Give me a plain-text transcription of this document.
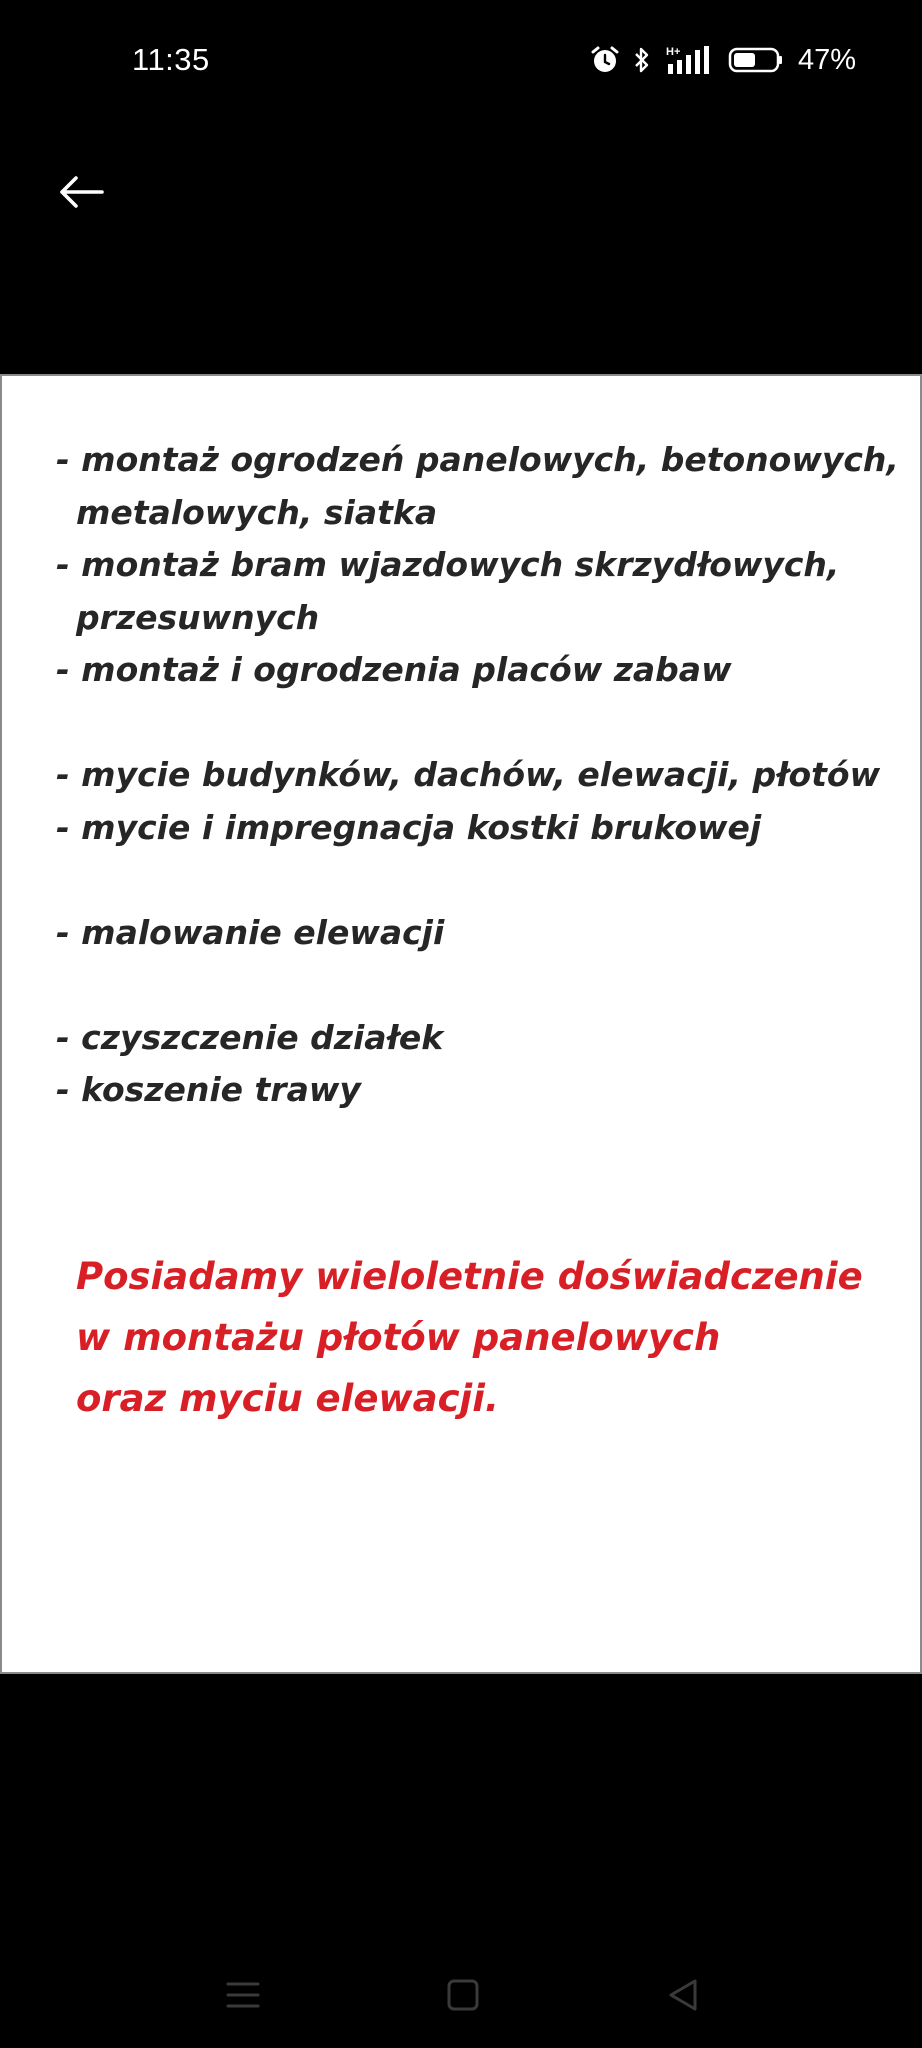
11:35	H+	47%
- montaż ogrodzeń panelowych, betonowych,
metalowych, siatka
- montaż bram wjazdowych skrzydłowych,
przesuwnych
- montaż i ogrodzenia placów zabaw
- mycie budynków, dachów, elewacji, płotów
- mycie i impregnacja kostki brukowej
- malowanie elewacji
- czyszczenie działek
- koszenie trawy
Posiadamy wieloletnie doświadczenie
w montażu płotów panelowych
oraz myciu elewacji.
